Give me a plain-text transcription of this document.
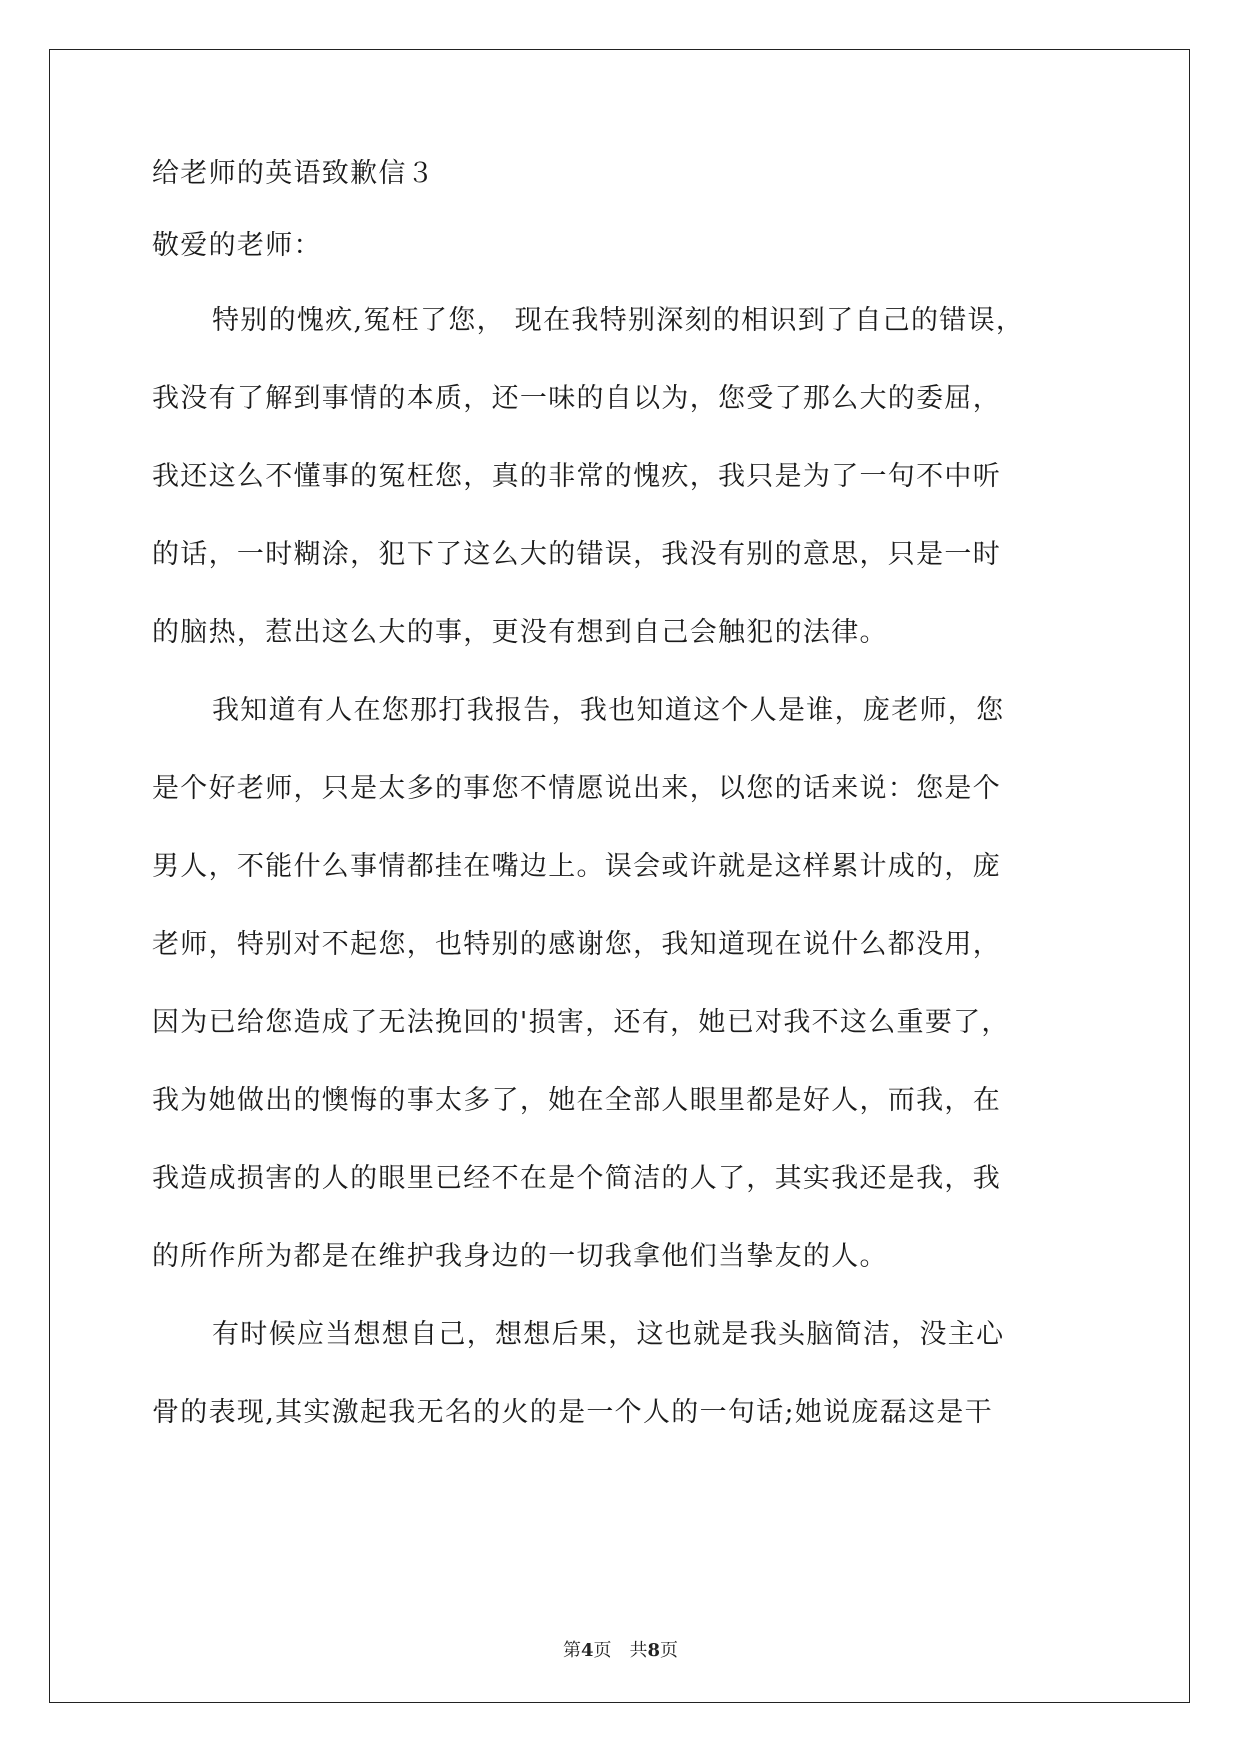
给老师的英语致歉信３
敬爱的老师：
特别的愧疚,冤枉了您， 现在我特别深刻的相识到了自己的错误，
我没有了解到事情的本质，还一味的自以为，您受了那么大的委屈，
我还这么不懂事的冤枉您，真的非常的愧疚，我只是为了一句不中听
的话，一时糊涂，犯下了这么大的错误，我没有别的意思，只是一时
的脑热，惹出这么大的事，更没有想到自己会触犯的法律。
我知道有人在您那打我报告，我也知道这个人是谁，庞老师，您
是个好老师，只是太多的事您不情愿说出来，以您的话来说：您是个
男人，不能什么事情都挂在嘴边上。误会或许就是这样累计成的，庞
老师，特别对不起您，也特别的感谢您，我知道现在说什么都没用，
因为已给您造成了无法挽回的'损害，还有，她已对我不这么重要了，
我为她做出的懊悔的事太多了，她在全部人眼里都是好人，而我，在
我造成损害的人的眼里已经不在是个简洁的人了，其实我还是我，我
的所作所为都是在维护我身边的一切我拿他们当挚友的人。
有时候应当想想自己，想想后果，这也就是我头脑简洁，没主心
骨的表现,其实激起我无名的火的是一个人的一句话;她说庞磊这是干
第4页　共8页
